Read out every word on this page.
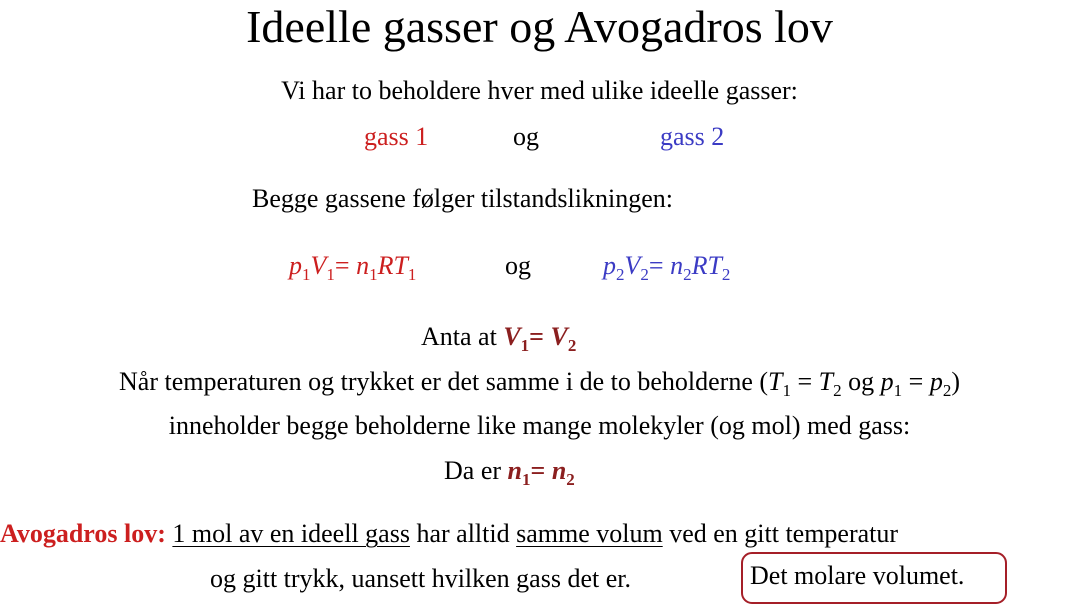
Ideelle gasser og Avogadros lov
Vi har to beholdere hver med ulike ideelle gasser:
gass 1	og	gass 2
Begge gassene følger tilstandslikningen:
$p_1V_1= n_1RT_1$	og	$p_2V_2= n_2RT_2$
Anta at $V_1= V_2$
Når temperaturen og trykket er det samme i de to beholderne ($T_1 = T_2$ og $p_1 = p_2$)
inneholder begge beholderne like mange molekyler (og mol) med gass:
Da er $n_1= n_2$
Avogadros lov: 1 mol av en ideell gass har alltid samme volum ved en gitt temperatur
og gitt trykk, uansett hvilken gass det er.	Det molare volumet.
